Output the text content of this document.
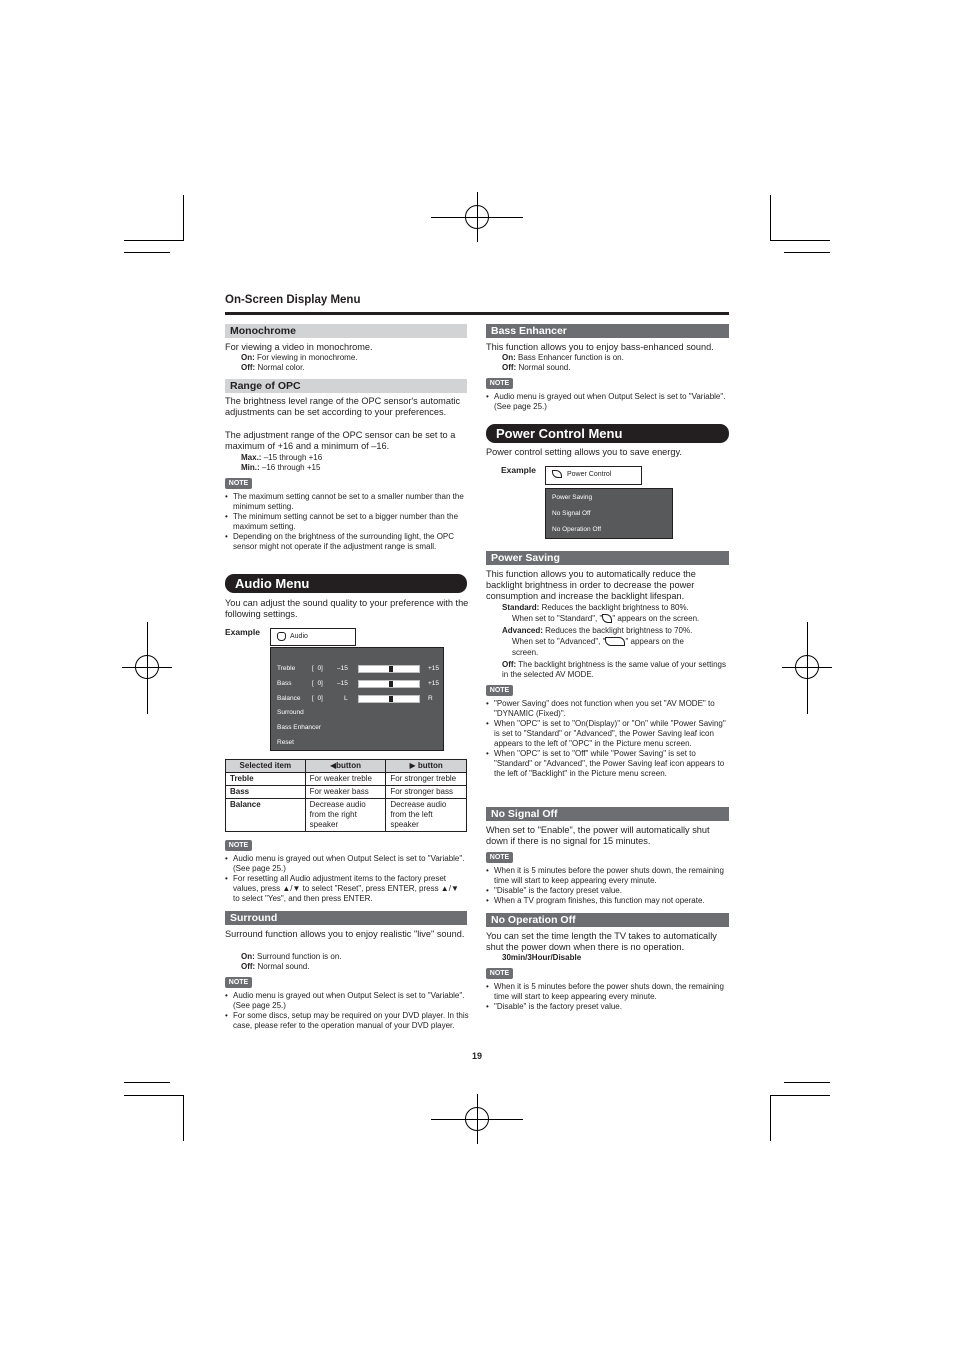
On-Screen Display Menu
Monochrome
For viewing a video in monochrome.
On: For viewing in monochrome.
Off: Normal color.
Range of OPC
The brightness level range of the OPC sensor's automatic adjustments can be set according to your preferences.
The adjustment range of the OPC sensor can be set to a maximum of +16 and a minimum of –16.
Max.: –15 through +16
Min.: –16 through +15
NOTE
• The maximum setting cannot be set to a smaller number than the minimum setting.
• The minimum setting cannot be set to a bigger number than the maximum setting.
• Depending on the brightness of the surrounding light, the OPC sensor might not operate if the adjustment range is small.
Audio Menu
You can adjust the sound quality to your preference with the following settings.
Example	Audio
Treble	[ 0] –15	+15
Bass	[ 0] –15	+15
Balance [ 0]	L	R
Surround
Bass Enhancer
Reset
Selected item	◀button	▶ button
Treble	For weaker treble	For stronger treble
Bass	For weaker bass	For stronger bass
Balance	Decrease audio from the right speaker	Decrease audio from the left speaker
NOTE
• Audio menu is grayed out when Output Select is set to "Variable". (See page 25.)
• For resetting all Audio adjustment items to the factory preset values, press ▲/▼ to select "Reset", press ENTER, press ▲/▼ to select "Yes", and then press ENTER.
Surround
Surround function allows you to enjoy realistic "live" sound.
On: Surround function is on.
Off: Normal sound.
NOTE
• Audio menu is grayed out when Output Select is set to "Variable". (See page 25.)
• For some discs, setup may be required on your DVD player. In this case, please refer to the operation manual of your DVD player.
Bass Enhancer
This function allows you to enjoy bass-enhanced sound.
On: Bass Enhancer function is on.
Off: Normal sound.
NOTE
• Audio menu is grayed out when Output Select is set to "Variable". (See page 25.)
Power Control Menu
Power control setting allows you to save energy.
Example	Power Control
Power Saving
No Signal Off
No Operation Off
Power Saving
This function allows you to automatically reduce the backlight brightness in order to decrease the power consumption and increase the backlight lifespan.
Standard: Reduces the backlight brightness to 80%.
When set to "Standard", " " appears on the screen.
Advanced: Reduces the backlight brightness to 70%.
When set to "Advanced", "	" appears on the
screen.
Off: The backlight brightness is the same value of your settings in the selected AV MODE.
NOTE
• "Power Saving" does not function when you set "AV MODE" to "DYNAMIC (Fixed)".
• When "OPC" is set to "On(Display)" or "On" while "Power Saving" is set to "Standard" or "Advanced", the Power Saving leaf icon appears to the left of "OPC" in the Picture menu screen.
• When "OPC" is set to "Off" while "Power Saving" is set to "Standard" or "Advanced", the Power Saving leaf icon appears to the left of "Backlight" in the Picture menu screen.
No Signal Off
When set to "Enable", the power will automatically shut down if there is no signal for 15 minutes.
NOTE
• When it is 5 minutes before the power shuts down, the remaining time will start to keep appearing every minute.
• "Disable" is the factory preset value.
• When a TV program finishes, this function may not operate.
No Operation Off
You can set the time length the TV takes to automatically shut the power down when there is no operation.
30min/3Hour/Disable
NOTE
• When it is 5 minutes before the power shuts down, the remaining time will start to keep appearing every minute.
• "Disable" is the factory preset value.
19
